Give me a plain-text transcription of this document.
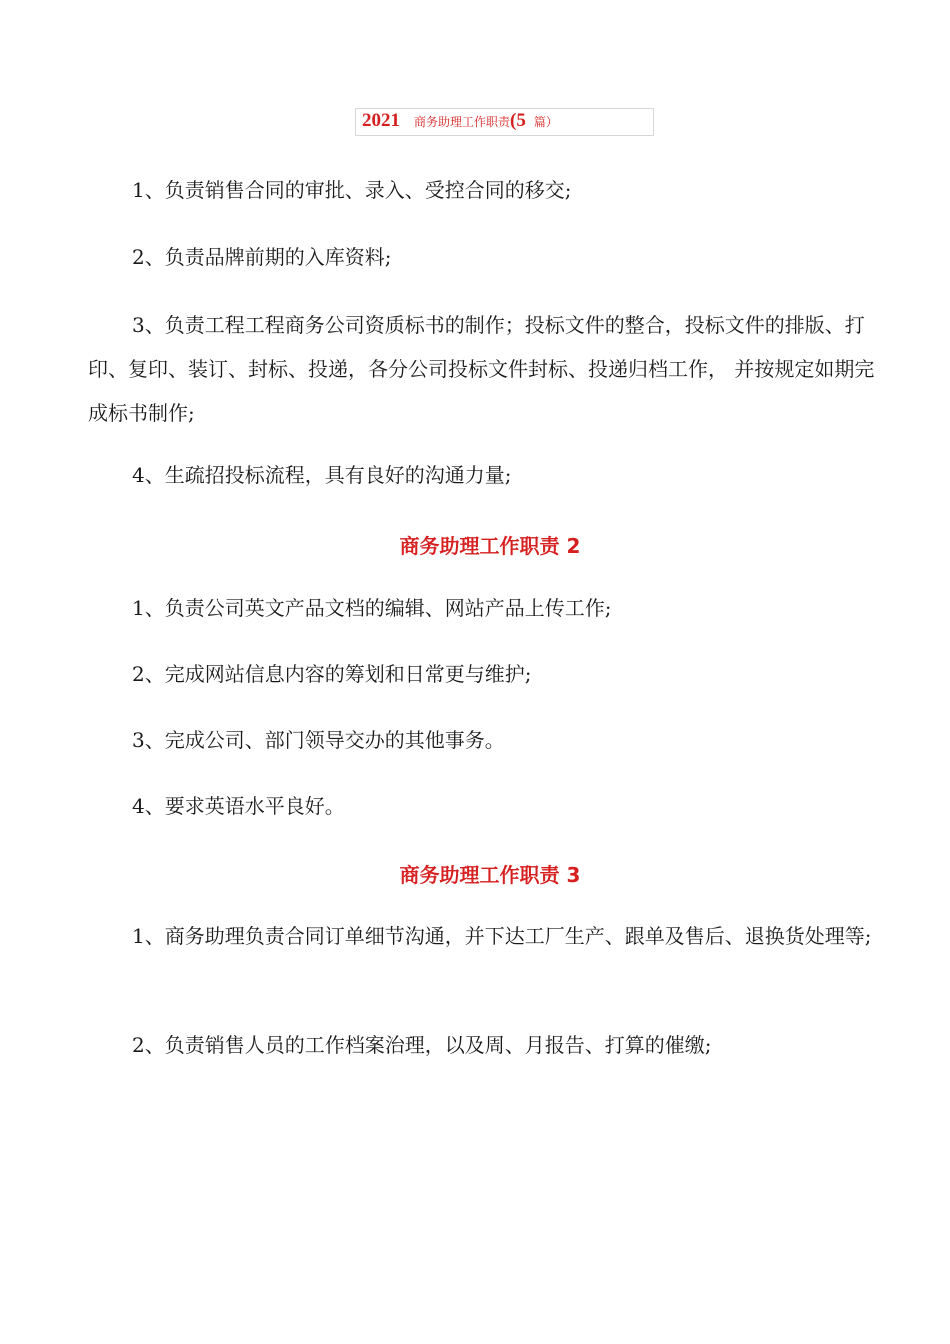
2021 商务助理工作职责(5 篇）
1、负责销售合同的审批、录入、受控合同的移交;
2、负责品牌前期的入库资料;
3、负责工程工程商务公司资质标书的制作；投标文件的整合，投标文件的排版、打印、复印、装订、封标、投递，各分公司投标文件封标、投递归档工作， 并按规定如期完成标书制作;
4、生疏招投标流程，具有良好的沟通力量;
商务助理工作职责 2
1、负责公司英文产品文档的编辑、网站产品上传工作;
2、完成网站信息内容的筹划和日常更与维护;
3、完成公司、部门领导交办的其他事务。
4、要求英语水平良好。
商务助理工作职责 3
1、商务助理负责合同订单细节沟通，并下达工厂生产、跟单及售后、退换货处理等;
2、负责销售人员的工作档案治理，以及周、月报告、打算的催缴;
